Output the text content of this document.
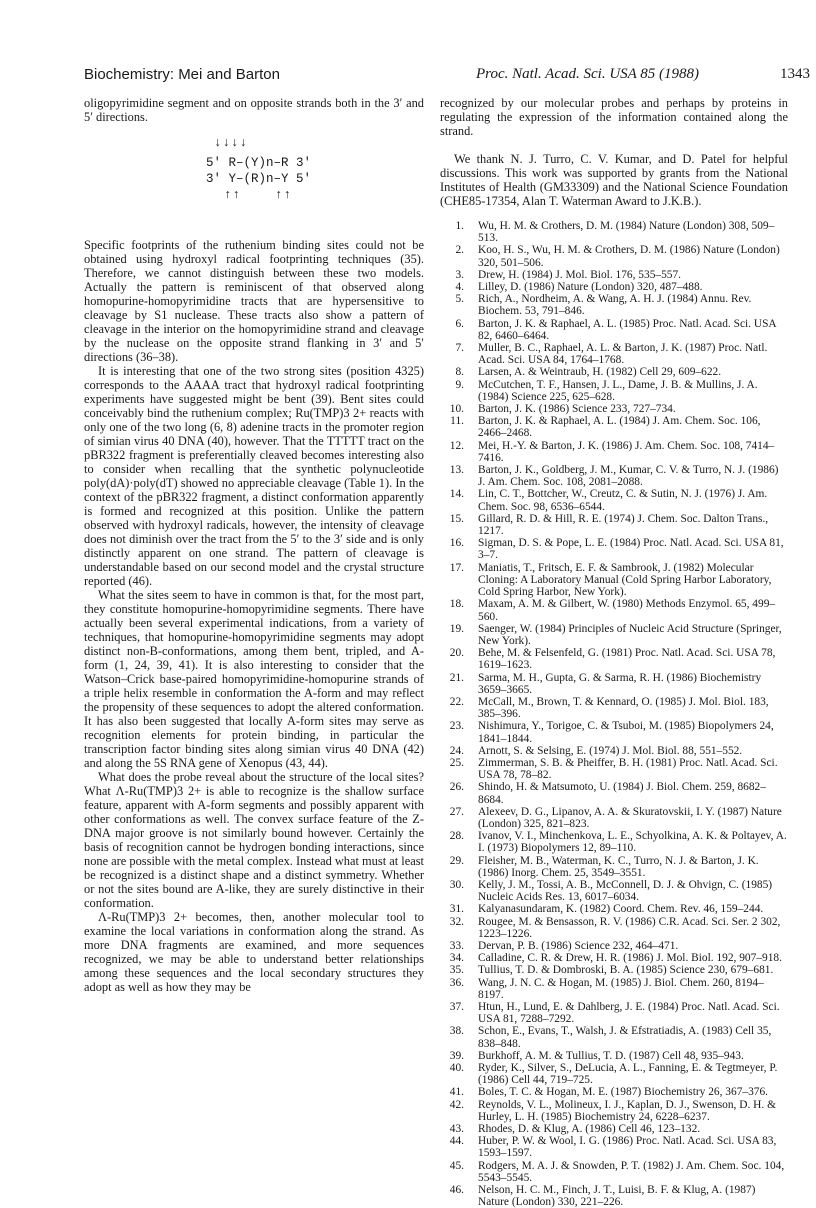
Biochemistry: Mei and Barton	Proc. Natl. Acad. Sci. USA 85 (1988)	1343

oligopyrimidine segment and on opposite strands both in the 3′ and 5′ directions.

↓↓↓↓
5′ R–(Y)n–R 3′
3′ Y–(R)n–Y 5′
↑↑    ↑↑

Specific footprints of the ruthenium binding sites could not be obtained using hydroxyl radical footprinting techniques (35). Therefore, we cannot distinguish between these two models. Actually the pattern is reminiscent of that observed along homopurine-homopyrimidine tracts that are hypersensitive to cleavage by S1 nuclease. These tracts also show a pattern of cleavage in the interior on the homopyrimidine strand and cleavage by the nuclease on the opposite strand flanking in 3′ and 5′ directions (36–38).

It is interesting that one of the two strong sites (position 4325) corresponds to the AAAA tract that hydroxyl radical footprinting experiments have suggested might be bent (39). Bent sites could conceivably bind the ruthenium complex; Ru(TMP)3 2+ reacts with only one of the two long (6, 8) adenine tracts in the promoter region of simian virus 40 DNA (40), however. That the TTTTT tract on the pBR322 fragment is preferentially cleaved becomes interesting also to consider when recalling that the synthetic polynucleotide poly(dA)·poly(dT) showed no appreciable cleavage (Table 1). In the context of the pBR322 fragment, a distinct conformation apparently is formed and recognized at this position. Unlike the pattern observed with hydroxyl radicals, however, the intensity of cleavage does not diminish over the tract from the 5′ to the 3′ side and is only distinctly apparent on one strand. The pattern of cleavage is understandable based on our second model and the crystal structure reported (46).

What the sites seem to have in common is that, for the most part, they constitute homopurine-homopyrimidine segments. There have actually been several experimental indications, from a variety of techniques, that homopurine-homopyrimidine segments may adopt distinct non-B-conformations, among them bent, tripled, and A-form (1, 24, 39, 41). It is also interesting to consider that the Watson–Crick base-paired homopyrimidine-homopurine strands of a triple helix resemble in conformation the A-form and may reflect the propensity of these sequences to adopt the altered conformation. It has also been suggested that locally A-form sites may serve as recognition elements for protein binding, in particular the transcription factor binding sites along simian virus 40 DNA (42) and along the 5S RNA gene of Xenopus (43, 44).

What does the probe reveal about the structure of the local sites? What Λ-Ru(TMP)3 2+ is able to recognize is the shallow surface feature, apparent with A-form segments and possibly apparent with other conformations as well. The convex surface feature of the Z-DNA major groove is not similarly bound however. Certainly the basis of recognition cannot be hydrogen bonding interactions, since none are possible with the metal complex. Instead what must at least be recognized is a distinct shape and a distinct symmetry. Whether or not the sites bound are A-like, they are surely distinctive in their conformation.

Λ-Ru(TMP)3 2+ becomes, then, another molecular tool to examine the local variations in conformation along the strand. As more DNA fragments are examined, and more sequences recognized, we may be able to understand better relationships among these sequences and the local secondary structures they adopt as well as how they may be

recognized by our molecular probes and perhaps by proteins in regulating the expression of the information contained along the strand.

We thank N. J. Turro, C. V. Kumar, and D. Patel for helpful discussions. This work was supported by grants from the National Institutes of Health (GM33309) and the National Science Foundation (CHE85-17354, Alan T. Waterman Award to J.K.B.).

1. Wu, H. M. & Crothers, D. M. (1984) Nature (London) 308, 509–513.
2. Koo, H. S., Wu, H. M. & Crothers, D. M. (1986) Nature (London) 320, 501–506.
3. Drew, H. (1984) J. Mol. Biol. 176, 535–557.
4. Lilley, D. (1986) Nature (London) 320, 487–488.
5. Rich, A., Nordheim, A. & Wang, A. H. J. (1984) Annu. Rev. Biochem. 53, 791–846.
6. Barton, J. K. & Raphael, A. L. (1985) Proc. Natl. Acad. Sci. USA 82, 6460–6464.
7. Muller, B. C., Raphael, A. L. & Barton, J. K. (1987) Proc. Natl. Acad. Sci. USA 84, 1764–1768.
8. Larsen, A. & Weintraub, H. (1982) Cell 29, 609–622.
9. McCutchen, T. F., Hansen, J. L., Dame, J. B. & Mullins, J. A. (1984) Science 225, 625–628.
10. Barton, J. K. (1986) Science 233, 727–734.
11. Barton, J. K. & Raphael, A. L. (1984) J. Am. Chem. Soc. 106, 2466–2468.
12. Mei, H.-Y. & Barton, J. K. (1986) J. Am. Chem. Soc. 108, 7414–7416.
13. Barton, J. K., Goldberg, J. M., Kumar, C. V. & Turro, N. J. (1986) J. Am. Chem. Soc. 108, 2081–2088.
14. Lin, C. T., Bottcher, W., Creutz, C. & Sutin, N. J. (1976) J. Am. Chem. Soc. 98, 6536–6544.
15. Gillard, R. D. & Hill, R. E. (1974) J. Chem. Soc. Dalton Trans., 1217.
16. Sigman, D. S. & Pope, L. E. (1984) Proc. Natl. Acad. Sci. USA 81, 3–7.
17. Maniatis, T., Fritsch, E. F. & Sambrook, J. (1982) Molecular Cloning: A Laboratory Manual (Cold Spring Harbor Laboratory, Cold Spring Harbor, New York).
18. Maxam, A. M. & Gilbert, W. (1980) Methods Enzymol. 65, 499–560.
19. Saenger, W. (1984) Principles of Nucleic Acid Structure (Springer, New York).
20. Behe, M. & Felsenfeld, G. (1981) Proc. Natl. Acad. Sci. USA 78, 1619–1623.
21. Sarma, M. H., Gupta, G. & Sarma, R. H. (1986) Biochemistry 3659–3665.
22. McCall, M., Brown, T. & Kennard, O. (1985) J. Mol. Biol. 183, 385–396.
23. Nishimura, Y., Torigoe, C. & Tsuboi, M. (1985) Biopolymers 24, 1841–1844.
24. Arnott, S. & Selsing, E. (1974) J. Mol. Biol. 88, 551–552.
25. Zimmerman, S. B. & Pheiffer, B. H. (1981) Proc. Natl. Acad. Sci. USA 78, 78–82.
26. Shindo, H. & Matsumoto, U. (1984) J. Biol. Chem. 259, 8682–8684.
27. Alexeev, D. G., Lipanov, A. A. & Skuratovskii, I. Y. (1987) Nature (London) 325, 821–823.
28. Ivanov, V. I., Minchenkova, L. E., Schyolkina, A. K. & Poltayev, A. I. (1973) Biopolymers 12, 89–110.
29. Fleisher, M. B., Waterman, K. C., Turro, N. J. & Barton, J. K. (1986) Inorg. Chem. 25, 3549–3551.
30. Kelly, J. M., Tossi, A. B., McConnell, D. J. & Ohvign, C. (1985) Nucleic Acids Res. 13, 6017–6034.
31. Kalyanasundaram, K. (1982) Coord. Chem. Rev. 46, 159–244.
32. Rougee, M. & Bensasson, R. V. (1986) C.R. Acad. Sci. Ser. 2 302, 1223–1226.
33. Dervan, P. B. (1986) Science 232, 464–471.
34. Calladine, C. R. & Drew, H. R. (1986) J. Mol. Biol. 192, 907–918.
35. Tullius, T. D. & Dombroski, B. A. (1985) Science 230, 679–681.
36. Wang, J. N. C. & Hogan, M. (1985) J. Biol. Chem. 260, 8194–8197.
37. Htun, H., Lund, E. & Dahlberg, J. E. (1984) Proc. Natl. Acad. Sci. USA 81, 7288–7292.
38. Schon, E., Evans, T., Walsh, J. & Efstratiadis, A. (1983) Cell 35, 838–848.
39. Burkhoff, A. M. & Tullius, T. D. (1987) Cell 48, 935–943.
40. Ryder, K., Silver, S., DeLucia, A. L., Fanning, E. & Tegtmeyer, P. (1986) Cell 44, 719–725.
41. Boles, T. C. & Hogan, M. E. (1987) Biochemistry 26, 367–376.
42. Reynolds, V. L., Molineux, I. J., Kaplan, D. J., Swenson, D. H. & Hurley, L. H. (1985) Biochemistry 24, 6228–6237.
43. Rhodes, D. & Klug, A. (1986) Cell 46, 123–132.
44. Huber, P. W. & Wool, I. G. (1986) Proc. Natl. Acad. Sci. USA 83, 1593–1597.
45. Rodgers, M. A. J. & Snowden, P. T. (1982) J. Am. Chem. Soc. 104, 5543–5545.
46. Nelson, H. C. M., Finch, J. T., Luisi, B. F. & Klug, A. (1987) Nature (London) 330, 221–226.
